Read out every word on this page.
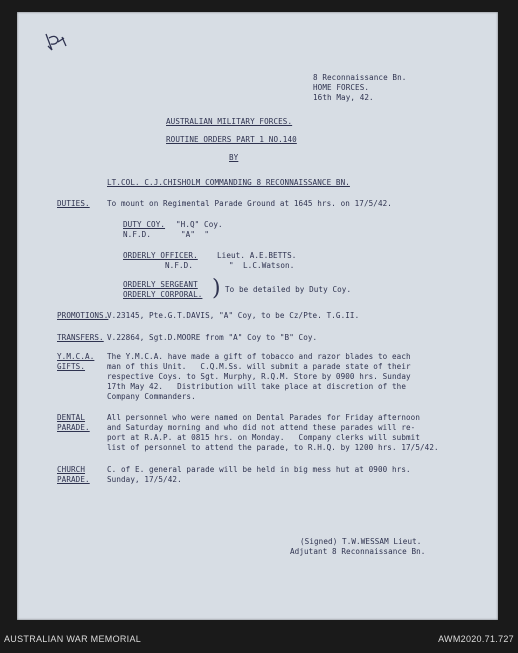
8 Reconnaissance Bn.
HOME FORCES.
16th May, 42.
AUSTRALIAN MILITARY FORCES.
ROUTINE ORDERS PART 1 NO.140
BY
LT.COL. C.J.CHISHOLM COMMANDING 8 RECONNAISSANCE BN.
DUTIES. To mount on Regimental Parade Ground at 1645 hrs. on 17/5/42.
DUTY COY. "H.Q" Coy.
N.F.D.	"A"  "
ORDERLY OFFICER.	Lieut. A.E.BETTS.
N.F.D.	"  L.C.Watson.
ORDERLY SERGEANT
ORDERLY CORPORAL. ) To be detailed by Duty Coy.
PROMOTIONS.
V.23145, Pte.G.T.DAVIS, "A" Coy, to be Cz/Pte. T.G.II.
TRANSFERS. V.22864, Sgt.D.MOORE from "A" Coy to "B" Coy.
Y.M.C.A.
GIFTS.
The Y.M.C.A. have made a gift of tobacco and razor blades to each
man of this Unit.   C.Q.M.Ss. will submit a parade state of their
respective Coys. to Sgt. Murphy, R.Q.M. Store by 0900 hrs. Sunday
17th May 42.   Distribution will take place at discretion of the
Company Commanders.
DENTAL
PARADE.
All personnel who were named on Dental Parades for Friday afternoon
and Saturday morning and who did not attend these parades will re-
port at R.A.P. at 0815 hrs. on Monday.   Company clerks will submit
list of personnel to attend the parade, to R.H.Q. by 1200 hrs. 17/5/42.
CHURCH
PARADE.
C. of E. general parade will be held in big mess hut at 0900 hrs.
Sunday, 17/5/42.
(Signed) T.W.WESSAM Lieut.
Adjutant 8 Reconnaissance Bn.
AUSTRALIAN WAR MEMORIAL	AWM2020.71.727
